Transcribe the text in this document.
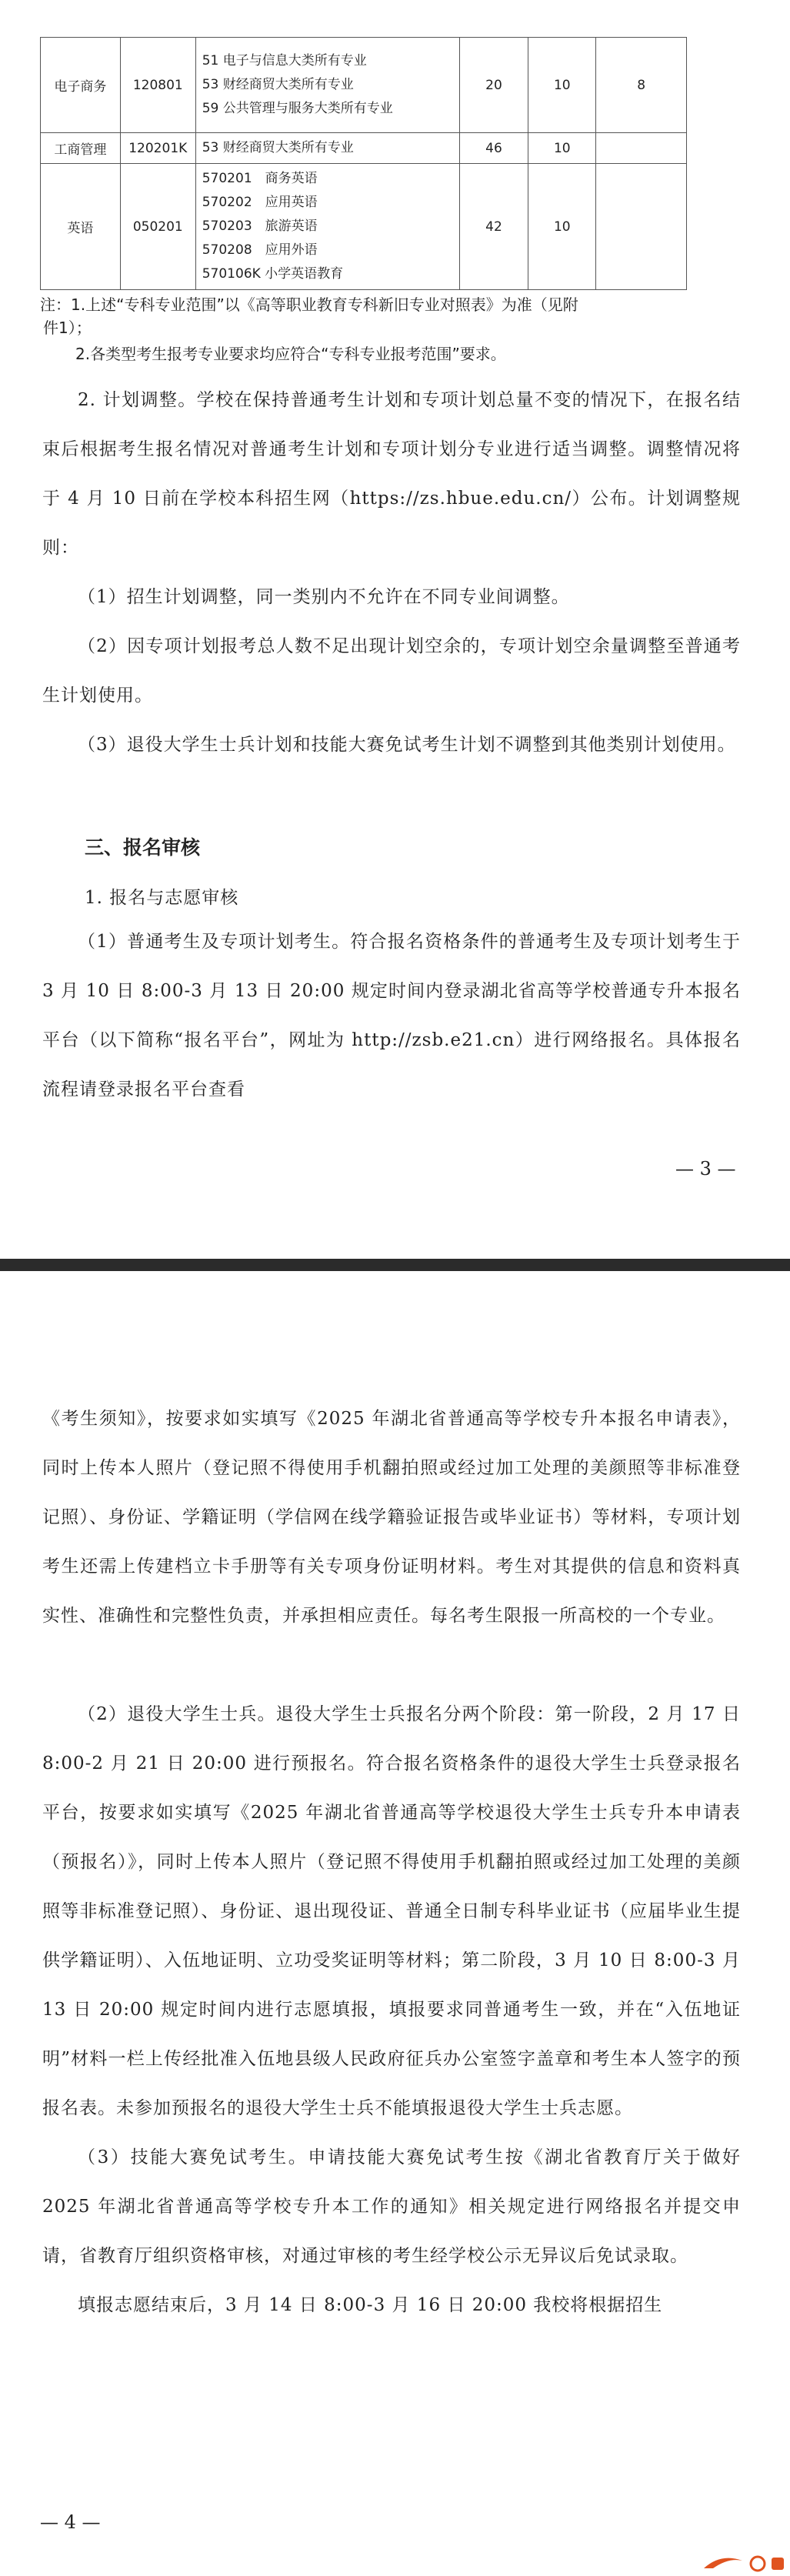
电子商务	120801	51 电子与信息大类所有专业
53 财经商贸大类所有专业
59 公共管理与服务大类所有专业	20	10	8
工商管理	120201K	53 财经商贸大类所有专业	46	10	
英语	050201	570201　商务英语
570202　应用英语
570203　旅游英语
570208　应用外语
570106K 小学英语教育	42	10	
注：1.上述“专科专业范围”以《高等职业教育专科新旧专业对照表》为准（见附
件1）；
2.各类型考生报考专业要求均应符合“专科专业报考范围”要求。
2. 计划调整。学校在保持普通考生计划和专项计划总量不变的情况下，在报名结束后根据考生报名情况对普通考生计划和专项计划分专业进行适当调整。调整情况将于 4 月 10 日前在学校本科招生网（https://zs.hbue.edu.cn/）公布。计划调整规则：
（1）招生计划调整，同一类别内不允许在不同专业间调整。
（2）因专项计划报考总人数不足出现计划空余的，专项计划空余量调整至普通考生计划使用。
（3）退役大学生士兵计划和技能大赛免试考生计划不调整到其他类别计划使用。
三、报名审核
1. 报名与志愿审核
（1）普通考生及专项计划考生。符合报名资格条件的普通考生及专项计划考生于 3 月 10 日 8:00-3 月 13 日 20:00 规定时间内登录湖北省高等学校普通专升本报名平台（以下简称“报名平台”，网址为 http://zsb.e21.cn）进行网络报名。具体报名流程请登录报名平台查看
— 3 —
《考生须知》，按要求如实填写《2025 年湖北省普通高等学校专升本报名申请表》，同时上传本人照片（登记照不得使用手机翻拍照或经过加工处理的美颜照等非标准登记照）、身份证、学籍证明（学信网在线学籍验证报告或毕业证书）等材料，专项计划考生还需上传建档立卡手册等有关专项身份证明材料。考生对其提供的信息和资料真实性、准确性和完整性负责，并承担相应责任。每名考生限报一所高校的一个专业。
（2）退役大学生士兵。退役大学生士兵报名分两个阶段：第一阶段，2 月 17 日 8:00-2 月 21 日 20:00 进行预报名。符合报名资格条件的退役大学生士兵登录报名平台，按要求如实填写《2025 年湖北省普通高等学校退役大学生士兵专升本申请表（预报名）》，同时上传本人照片（登记照不得使用手机翻拍照或经过加工处理的美颜照等非标准登记照）、身份证、退出现役证、普通全日制专科毕业证书（应届毕业生提供学籍证明）、入伍地证明、立功受奖证明等材料；第二阶段，3 月 10 日 8:00-3 月 13 日 20:00 规定时间内进行志愿填报，填报要求同普通考生一致，并在“入伍地证明”材料一栏上传经批准入伍地县级人民政府征兵办公室签字盖章和考生本人签字的预报名表。未参加预报名的退役大学生士兵不能填报退役大学生士兵志愿。
（3）技能大赛免试考生。申请技能大赛免试考生按《湖北省教育厅关于做好 2025 年湖北省普通高等学校专升本工作的通知》相关规定进行网络报名并提交申请，省教育厅组织资格审核，对通过审核的考生经学校公示无异议后免试录取。
填报志愿结束后，3 月 14 日 8:00-3 月 16 日 20:00 我校将根据招生
— 4 —
